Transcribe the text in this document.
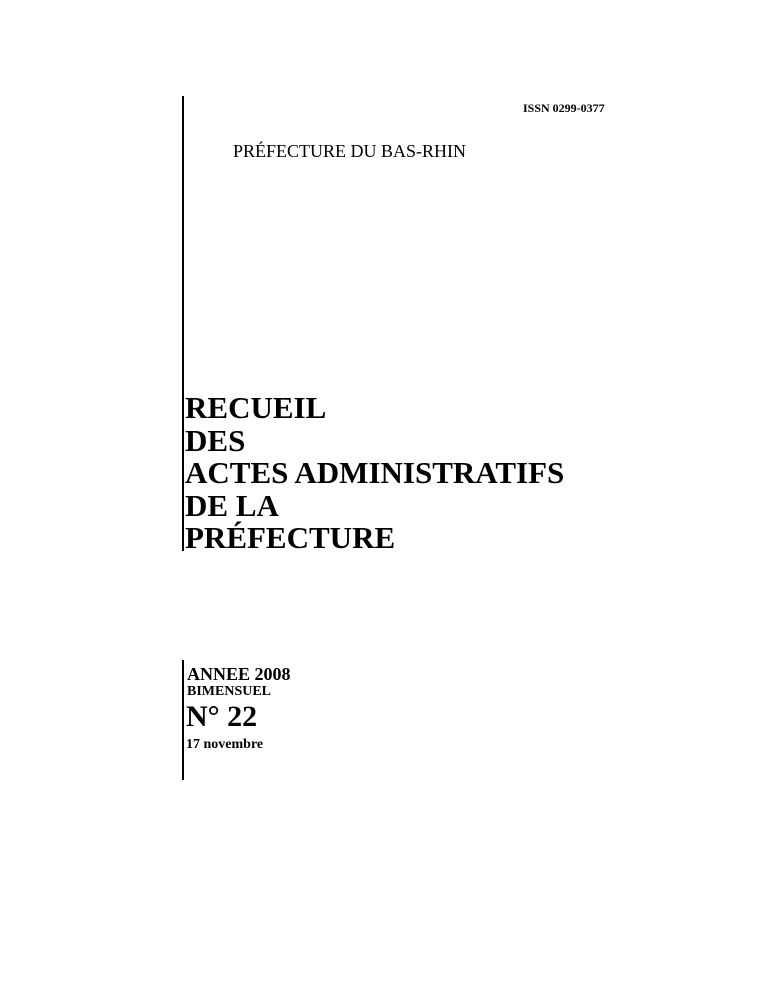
ISSN 0299-0377
PRÉFECTURE DU BAS-RHIN
RECUEIL
DES
ACTES ADMINISTRATIFS
DE LA
PRÉFECTURE
ANNEE 2008
BIMENSUEL
N° 22
17 novembre
